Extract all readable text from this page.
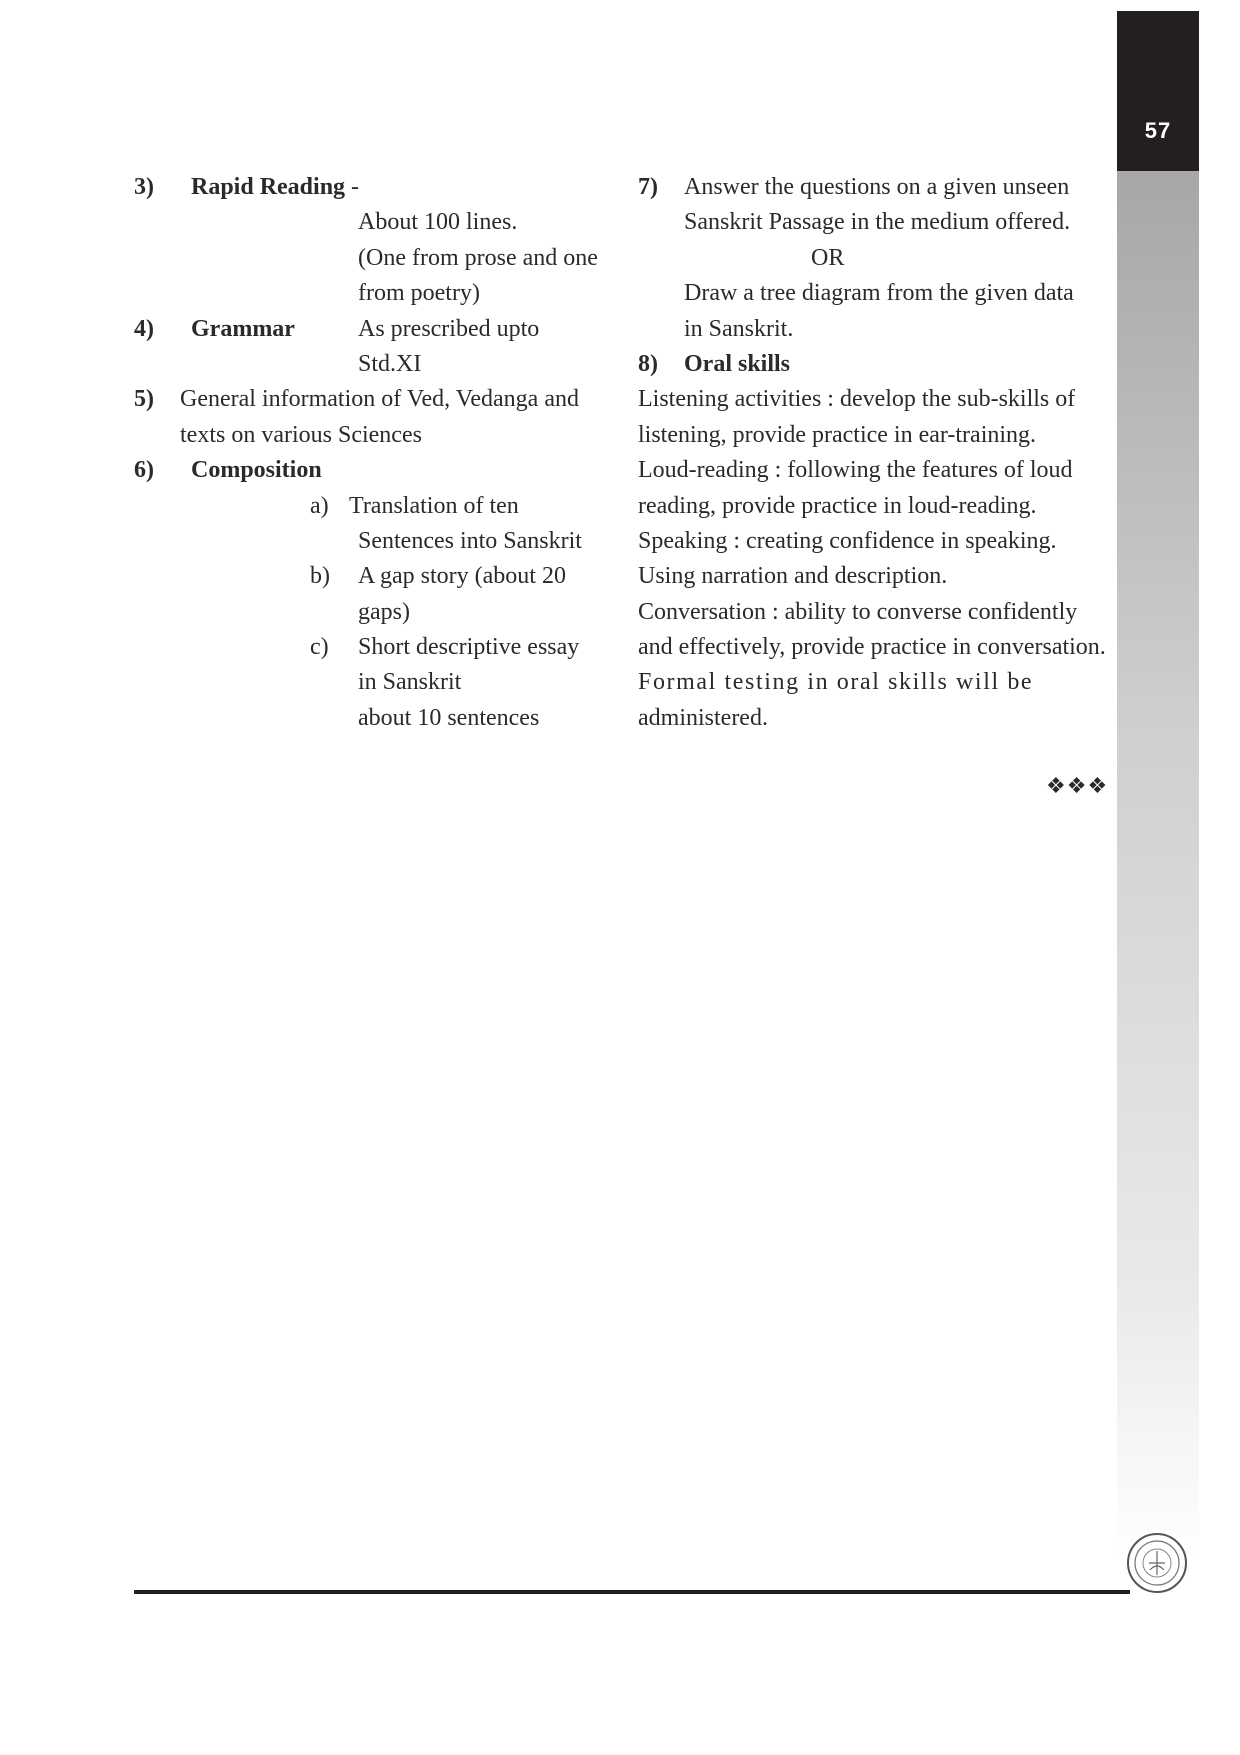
57
3) Rapid Reading -
About 100 lines.
(One from prose and one
from poetry)
4) Grammar	As prescribed upto
Std.XI
5) General information of Ved, Vedanga and
texts on various Sciences
6) Composition
a) Translation of ten
Sentences into Sanskrit
b) A gap story (about 20
gaps)
c) Short descriptive essay
in Sanskrit
about 10 sentences
7) Answer the questions on a given unseen
Sanskrit Passage in the medium offered.
OR
Draw a tree diagram from the given data
in Sanskrit.
8) Oral skills
Listening activities : develop the sub-skills of
listening, provide practice in ear-training.
Loud-reading : following the features of loud
reading, provide practice in loud-reading.
Speaking : creating confidence in speaking.
Using narration and description.
Conversation : ability to converse confidently
and effectively, provide practice in conversation.
Formal testing in oral skills will be
administered.
❖❖❖
